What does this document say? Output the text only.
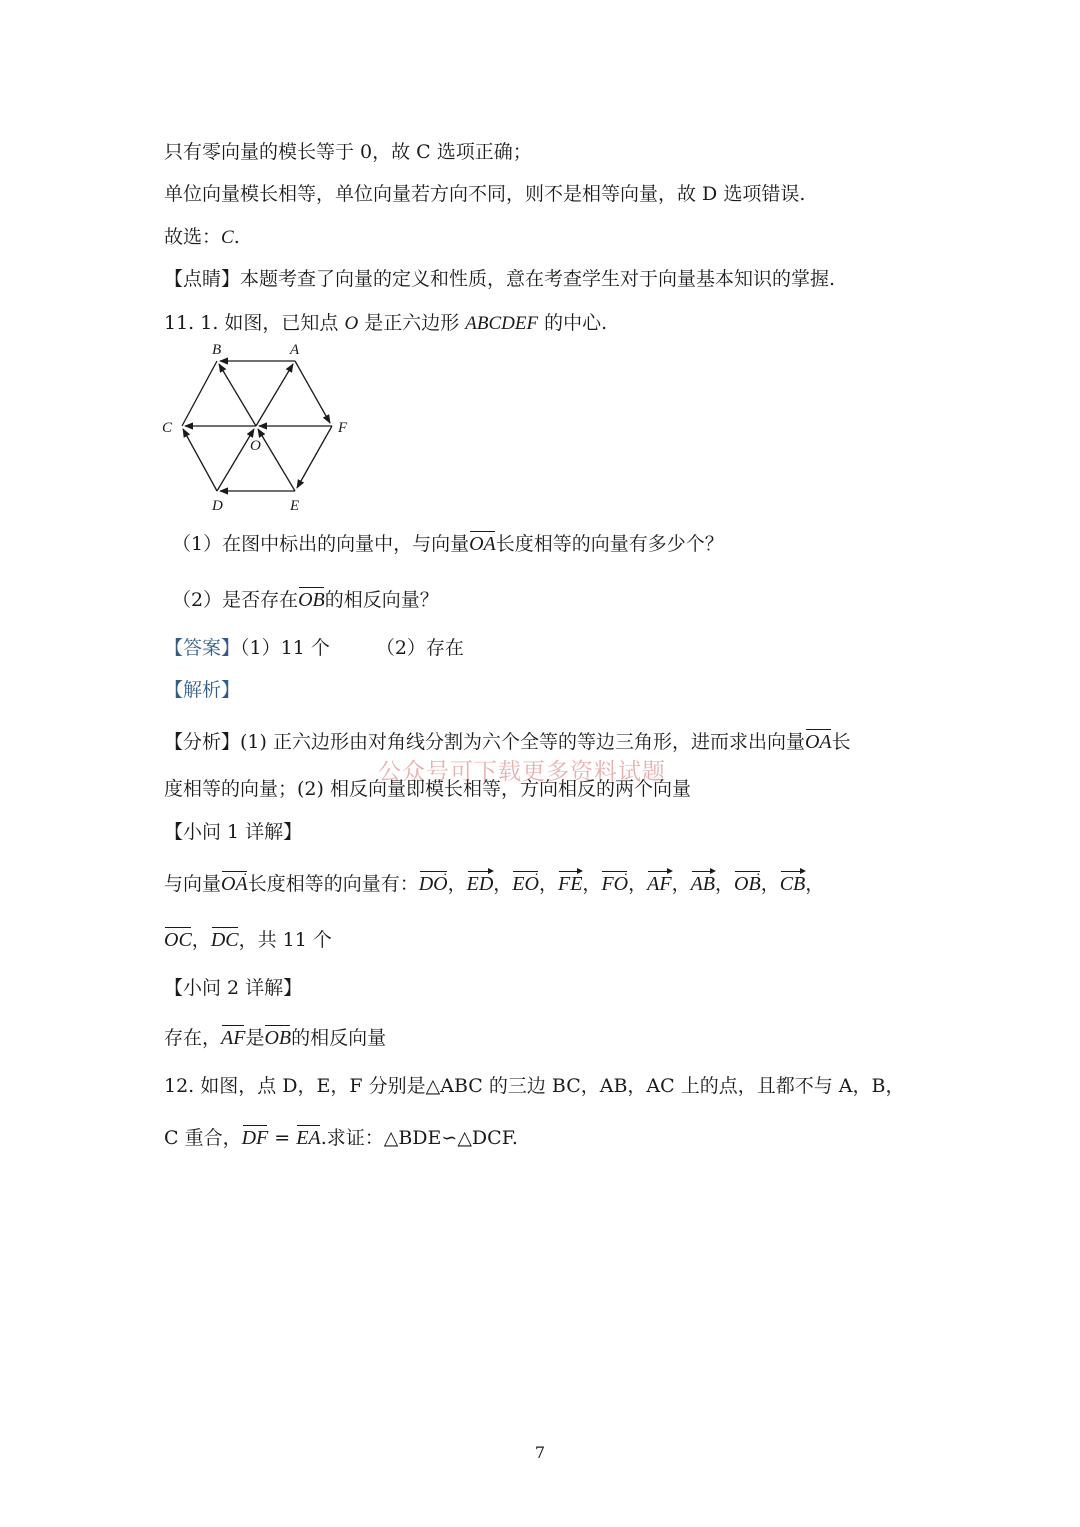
只有零向量的模长等于 0，故 C 选项正确；
单位向量模长相等，单位向量若方向不同，则不是相等向量，故 D 选项错误.
故选：C.
【点睛】本题考查了向量的定义和性质，意在考查学生对于向量基本知识的掌握.
11. 1. 如图，已知点 O 是正六边形 ABCDEF 的中心.
B	A
C	F
O
D	E
（1）在图中标出的向量中，与向量OA长度相等的向量有多少个？
（2）是否存在OB的相反向量？
【答案】（1）11 个 （2）存在
【解析】
【分析】(1) 正六边形由对角线分割为六个全等的等边三角形，进而求出向量OA长
公众号可下载更多资料试题
度相等的向量；(2) 相反向量即模长相等，方向相反的两个向量
【小问 1 详解】
与向量OA ·长度相等的向量有：DO ·，ED，EO ·，FE，FO ·，AF，AB，OB ·，CB，
OC，DC，共 11 个
【小问 2 详解】
存在，AF是OB的相反向量
12. 如图，点 D，E，F 分别是△ABC 的三边 BC，AB，AC 上的点，且都不与 A，B，
C 重合，DF = EA.求证：△BDE∽△DCF.
7
